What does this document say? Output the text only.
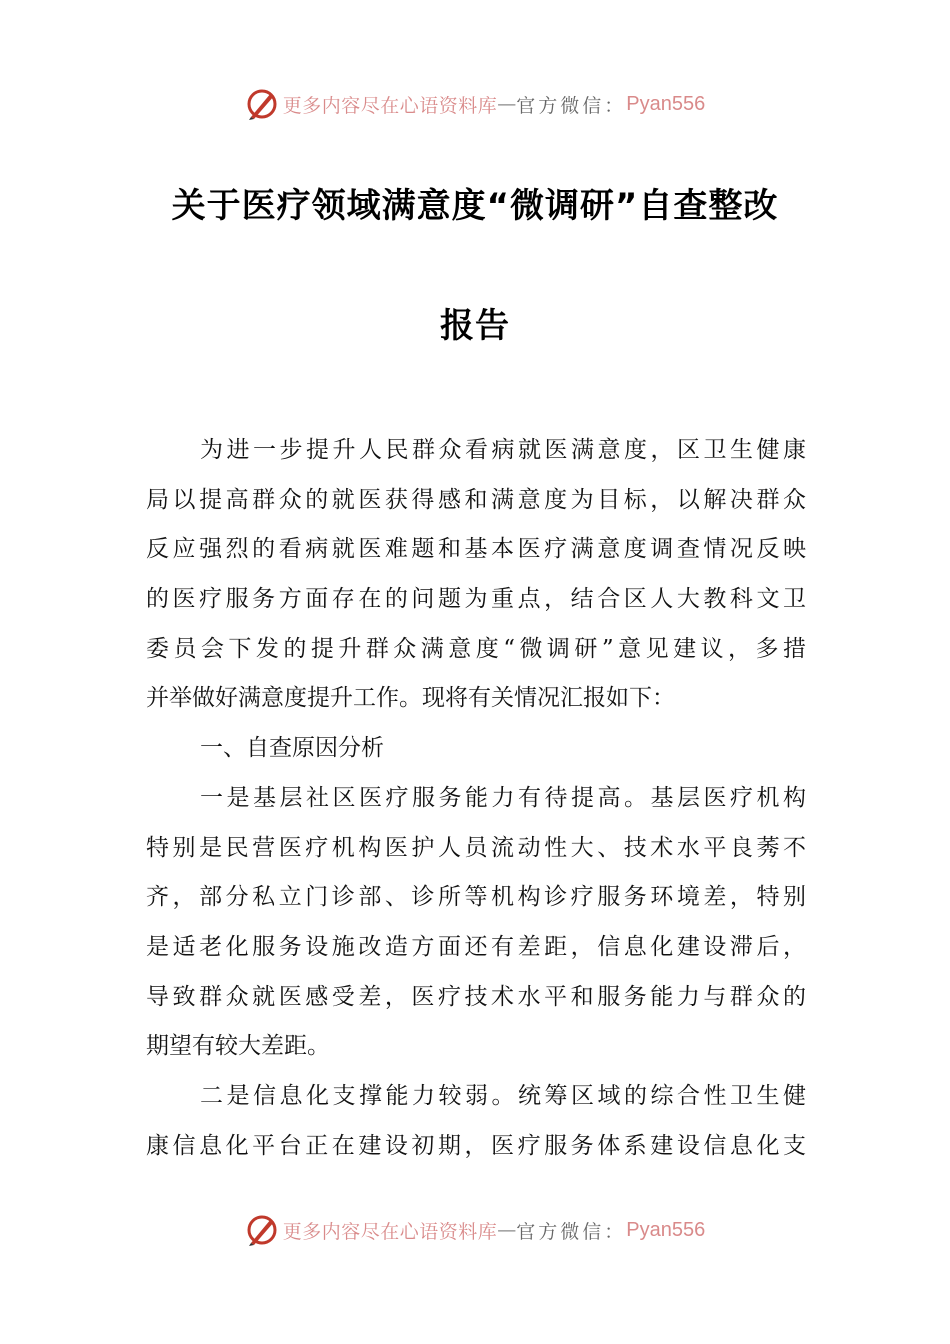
更多内容尽在心语资料库 — 官方微信： Pyan556
关于医疗领域满意度“微调研”自查整改
报告
为进一步提升人民群众看病就医满意度，区卫生健康
局以提高群众的就医获得感和满意度为目标，以解决群众
反应强烈的看病就医难题和基本医疗满意度调查情况反映
的医疗服务方面存在的问题为重点，结合区人大教科文卫
委员会下发的提升群众满意度“微调研”意见建议，多措
并举做好满意度提升工作。现将有关情况汇报如下：
一、自查原因分析
一是基层社区医疗服务能力有待提高。基层医疗机构
特别是民营医疗机构医护人员流动性大、技术水平良莠不
齐，部分私立门诊部、诊所等机构诊疗服务环境差，特别
是适老化服务设施改造方面还有差距，信息化建设滞后，
导致群众就医感受差，医疗技术水平和服务能力与群众的
期望有较大差距。
二是信息化支撑能力较弱。统筹区域的综合性卫生健
康信息化平台正在建设初期，医疗服务体系建设信息化支
更多内容尽在心语资料库 — 官方微信： Pyan556
